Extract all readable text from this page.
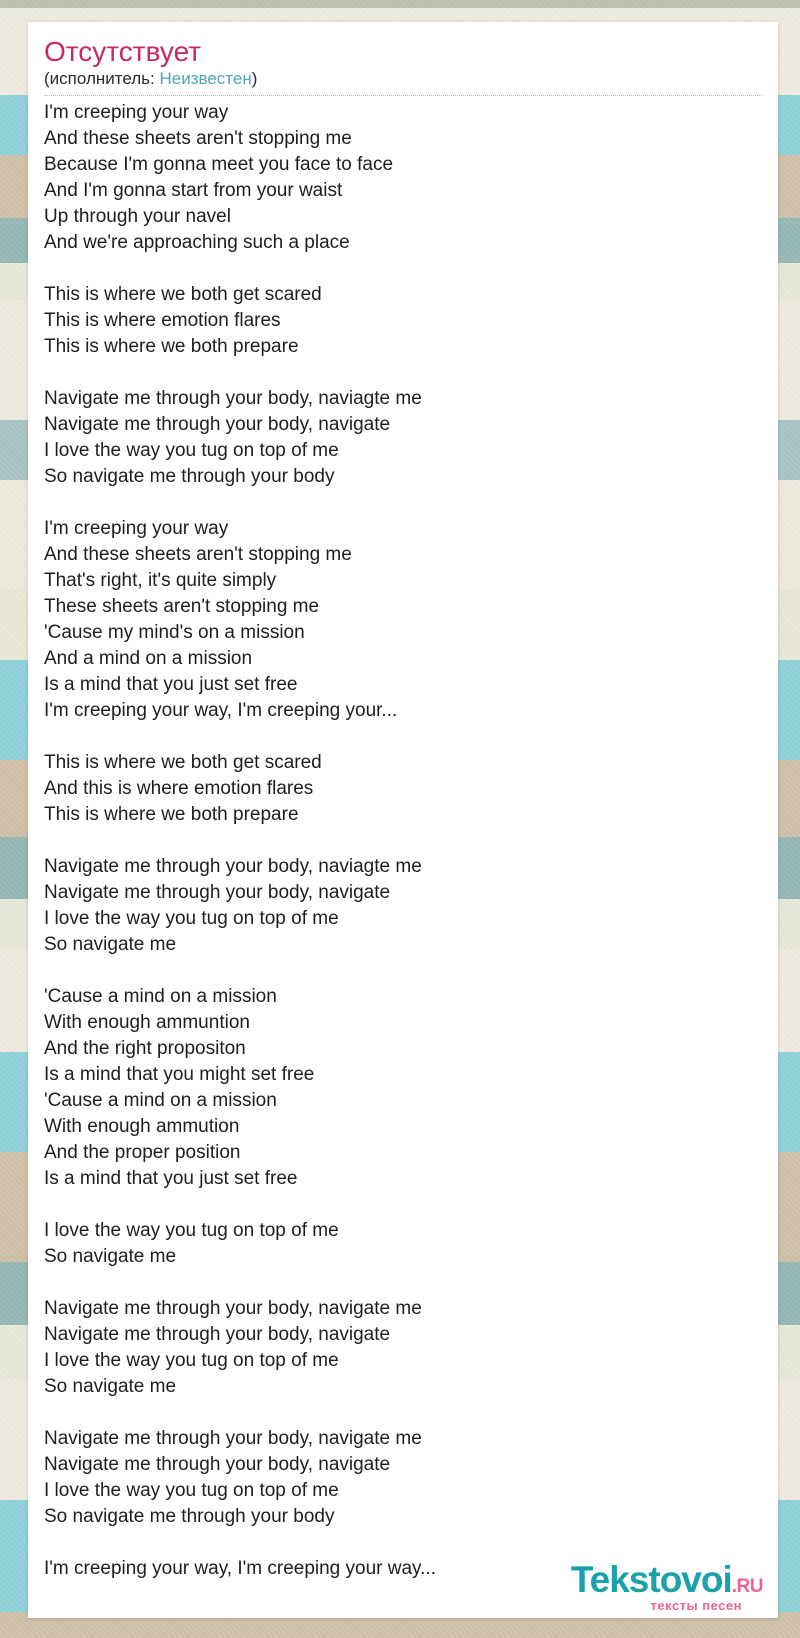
Отсутствует
(исполнитель: Неизвестен)
I'm creeping your way
And these sheets aren't stopping me
Because I'm gonna meet you face to face
And I'm gonna start from your waist
Up through your navel
And we're approaching such a place
This is where we both get scared
This is where emotion flares
This is where we both prepare
Navigate me through your body, naviagte me
Navigate me through your body, navigate
I love the way you tug on top of me
So navigate me through your body
I'm creeping your way
And these sheets aren't stopping me
That's right, it's quite simply
These sheets aren't stopping me
'Cause my mind's on a mission
And a mind on a mission
Is a mind that you just set free
I'm creeping your way, I'm creeping your...
This is where we both get scared
And this is where emotion flares
This is where we both prepare
Navigate me through your body, naviagte me
Navigate me through your body, navigate
I love the way you tug on top of me
So navigate me
'Cause a mind on a mission
With enough ammuntion
And the right propositon
Is a mind that you might set free
'Cause a mind on a mission
With enough ammution
And the proper position
Is a mind that you just set free
I love the way you tug on top of me
So navigate me
Navigate me through your body, navigate me
Navigate me through your body, navigate
I love the way you tug on top of me
So navigate me
Navigate me through your body, navigate me
Navigate me through your body, navigate
I love the way you tug on top of me
So navigate me through your body
I'm creeping your way, I'm creeping your way...	Tekstovoi.RU
тексты песен
